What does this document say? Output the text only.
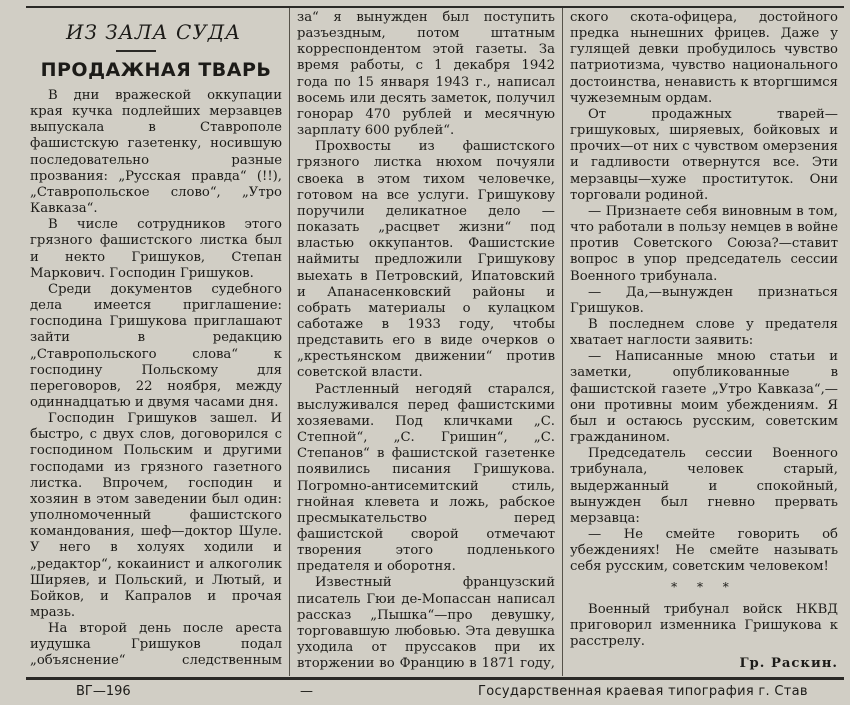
ИЗ ЗАЛА СУДА
ПРОДАЖНАЯ ТВАРЬ

В дни вражеской оккупации края кучка подлейших мерзавцев выпускала в Ставрополе фашистскую газетенку, носившую последовательно разные прозвания: „Русская правда“ (!!), „Ставропольское слово“, „Утро Кавказа“.

В числе сотрудников этого грязного фашистского листка был и некто Гришуков, Степан Маркович. Господин Гришуков.

Среди документов судебного дела имеется приглашение: господина Гришукова приглашают зайти в редакцию „Ставропольского слова“ к господину Польскому для переговоров, 22 ноября, между одиннадцатью и двумя часами дня.

Господин Гришуков зашел. И быстро, с двух слов, договорился с господином Польским и другими господами из грязного газетного листка. Впрочем, господин и хозяин в этом заведении был один: уполномоченный фашистского командования, шеф—доктор Шуле. У него в холуях ходили и „редактор“, кокаинист и алкоголик Ширяев, и Польский, и Лютый, и Бойков, и Капралов и прочая мразь.

На второй день после ареста иудушка Гришуков подал „объяснение“ следственным

за“ я вынужден был поступить разъездным, потом штатным корреспондентом этой газеты. За время работы, с 1 декабря 1942 года по 15 января 1943 г., написал восемь или десять заметок, получил гонорар 470 рублей и месячную зарплату 600 рублей“.

Прохвосты из фашистского грязного листка нюхом почуяли своека в этом тихом человечке, готовом на все услуги. Гришукову поручили деликатное дело — показать „расцвет жизни“ под властью оккупантов. Фашистские наймиты предложили Гришукову выехать в Петровский, Ипатовский и Апанасенковский районы и собрать материалы о кулацком саботаже в 1933 году, чтобы представить его в виде очерков о „крестьянском движении“ против советской власти.

Растленный негодяй старался, выслуживался перед фашистскими хозяевами. Под кличками „С. Степной“, „С. Гришин“, „С. Степанов“ в фашистской газетенке появились писания Гришукова. Погромно-антисемитский стиль, гнойная клевета и ложь, рабское пресмыкательство перед фашистской сворой отмечают творения этого подленького предателя и оборотня.

Известный французский писатель Гюи де-Мопассан написал рассказ „Пышка“—про девушку, торговавшую любовью. Эта девушка уходила от пруссаков при их вторжении во Францию в 1871 году,

ского скота-офицера, достойного предка нынешних фрицев. Даже у гулящей девки пробудилось чувство патриотизма, чувство национального достоинства, ненависть к вторгшимся чужеземным ордам.

От продажных тварей—гришуковых, ширяевых, бойковых и прочих—от них с чувством омерзения и гадливости отвернутся все. Эти мерзавцы—хуже проституток. Они торговали родиной.

— Признаете себя виновным в том, что работали в пользу немцев в войне против Советского Союза?—ставит вопрос в упор председатель сессии Военного трибунала.

— Да,—вынужден признаться Гришуков.

В последнем слове у предателя хватает наглости заявить:

— Написанные мною статьи и заметки, опубликованные в фашистской газете „Утро Кавказа“,—они противны моим убеждениям. Я был и остаюсь русским, советским гражданином.

Председатель сессии Военного трибунала, человек старый, выдержанный и спокойный, вынужден был гневно прервать мерзавца:

— Не смейте говорить об убеждениях! Не смейте называть себя русским, советским человеком!

* * *

Военный трибунал войск НКВД приговорил изменника Гришукова к расстрелу.

Гр. Раскин.
ВГ—196	—	Государственная краевая типография г. Став
